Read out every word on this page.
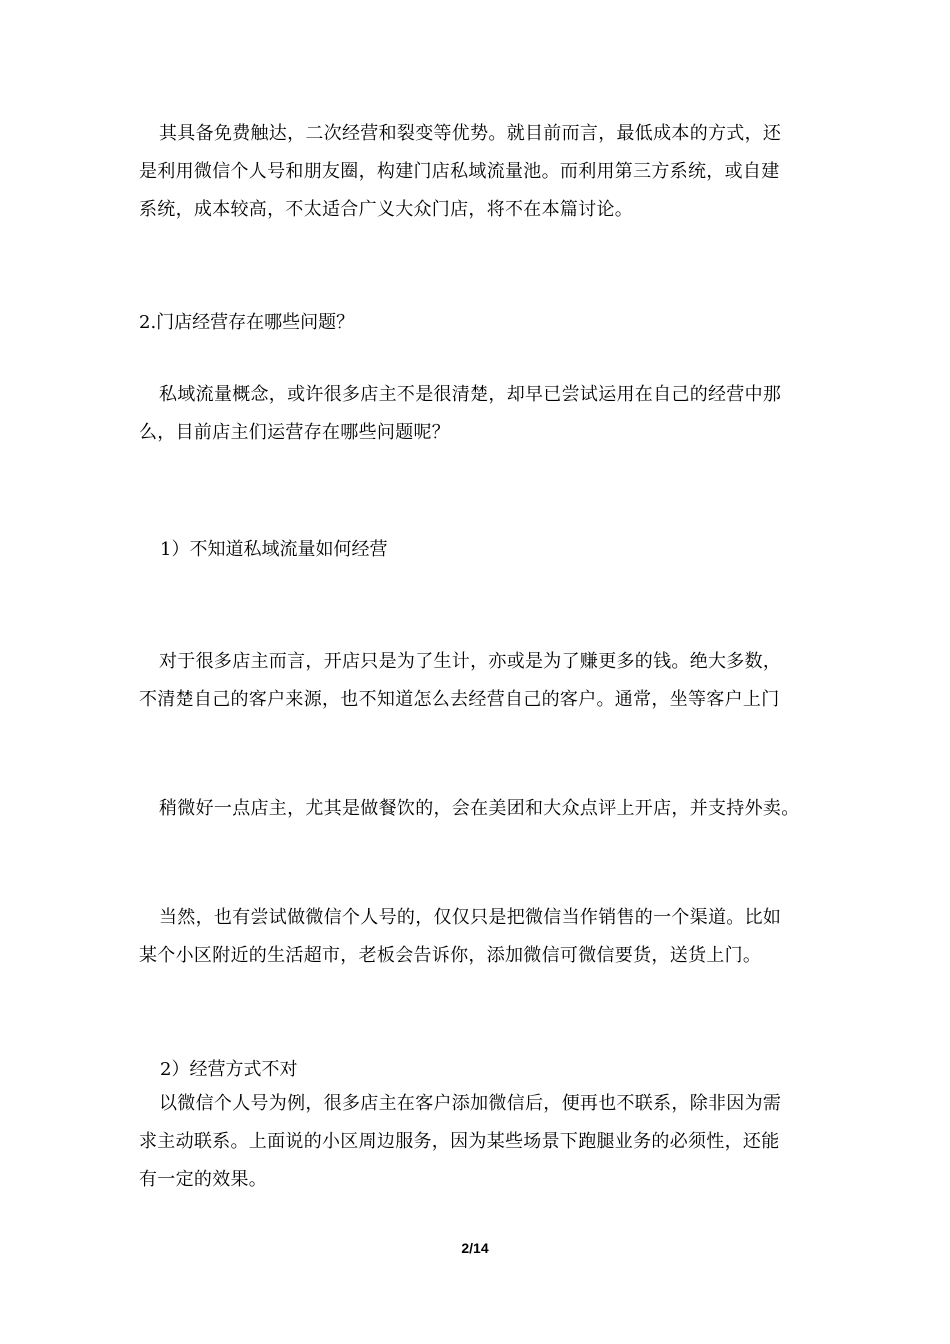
其具备免费触达，二次经营和裂变等优势。就目前而言，最低成本的方式，还
是利用微信个人号和朋友圈，构建门店私域流量池。而利用第三方系统，或自建
系统，成本较高，不太适合广义大众门店，将不在本篇讨论。
2.门店经营存在哪些问题？
私域流量概念，或许很多店主不是很清楚，却早已尝试运用在自己的经营中那
么，目前店主们运营存在哪些问题呢？
1）不知道私域流量如何经营
对于很多店主而言，开店只是为了生计，亦或是为了赚更多的钱。绝大多数，
不清楚自己的客户来源，也不知道怎么去经营自己的客户。通常，坐等客户上门
稍微好一点店主，尤其是做餐饮的，会在美团和大众点评上开店，并支持外卖。
当然，也有尝试做微信个人号的，仅仅只是把微信当作销售的一个渠道。比如
某个小区附近的生活超市，老板会告诉你，添加微信可微信要货，送货上门。
2）经营方式不对
以微信个人号为例，很多店主在客户添加微信后，便再也不联系，除非因为需
求主动联系。上面说的小区周边服务，因为某些场景下跑腿业务的必须性，还能
有一定的效果。
2/14
